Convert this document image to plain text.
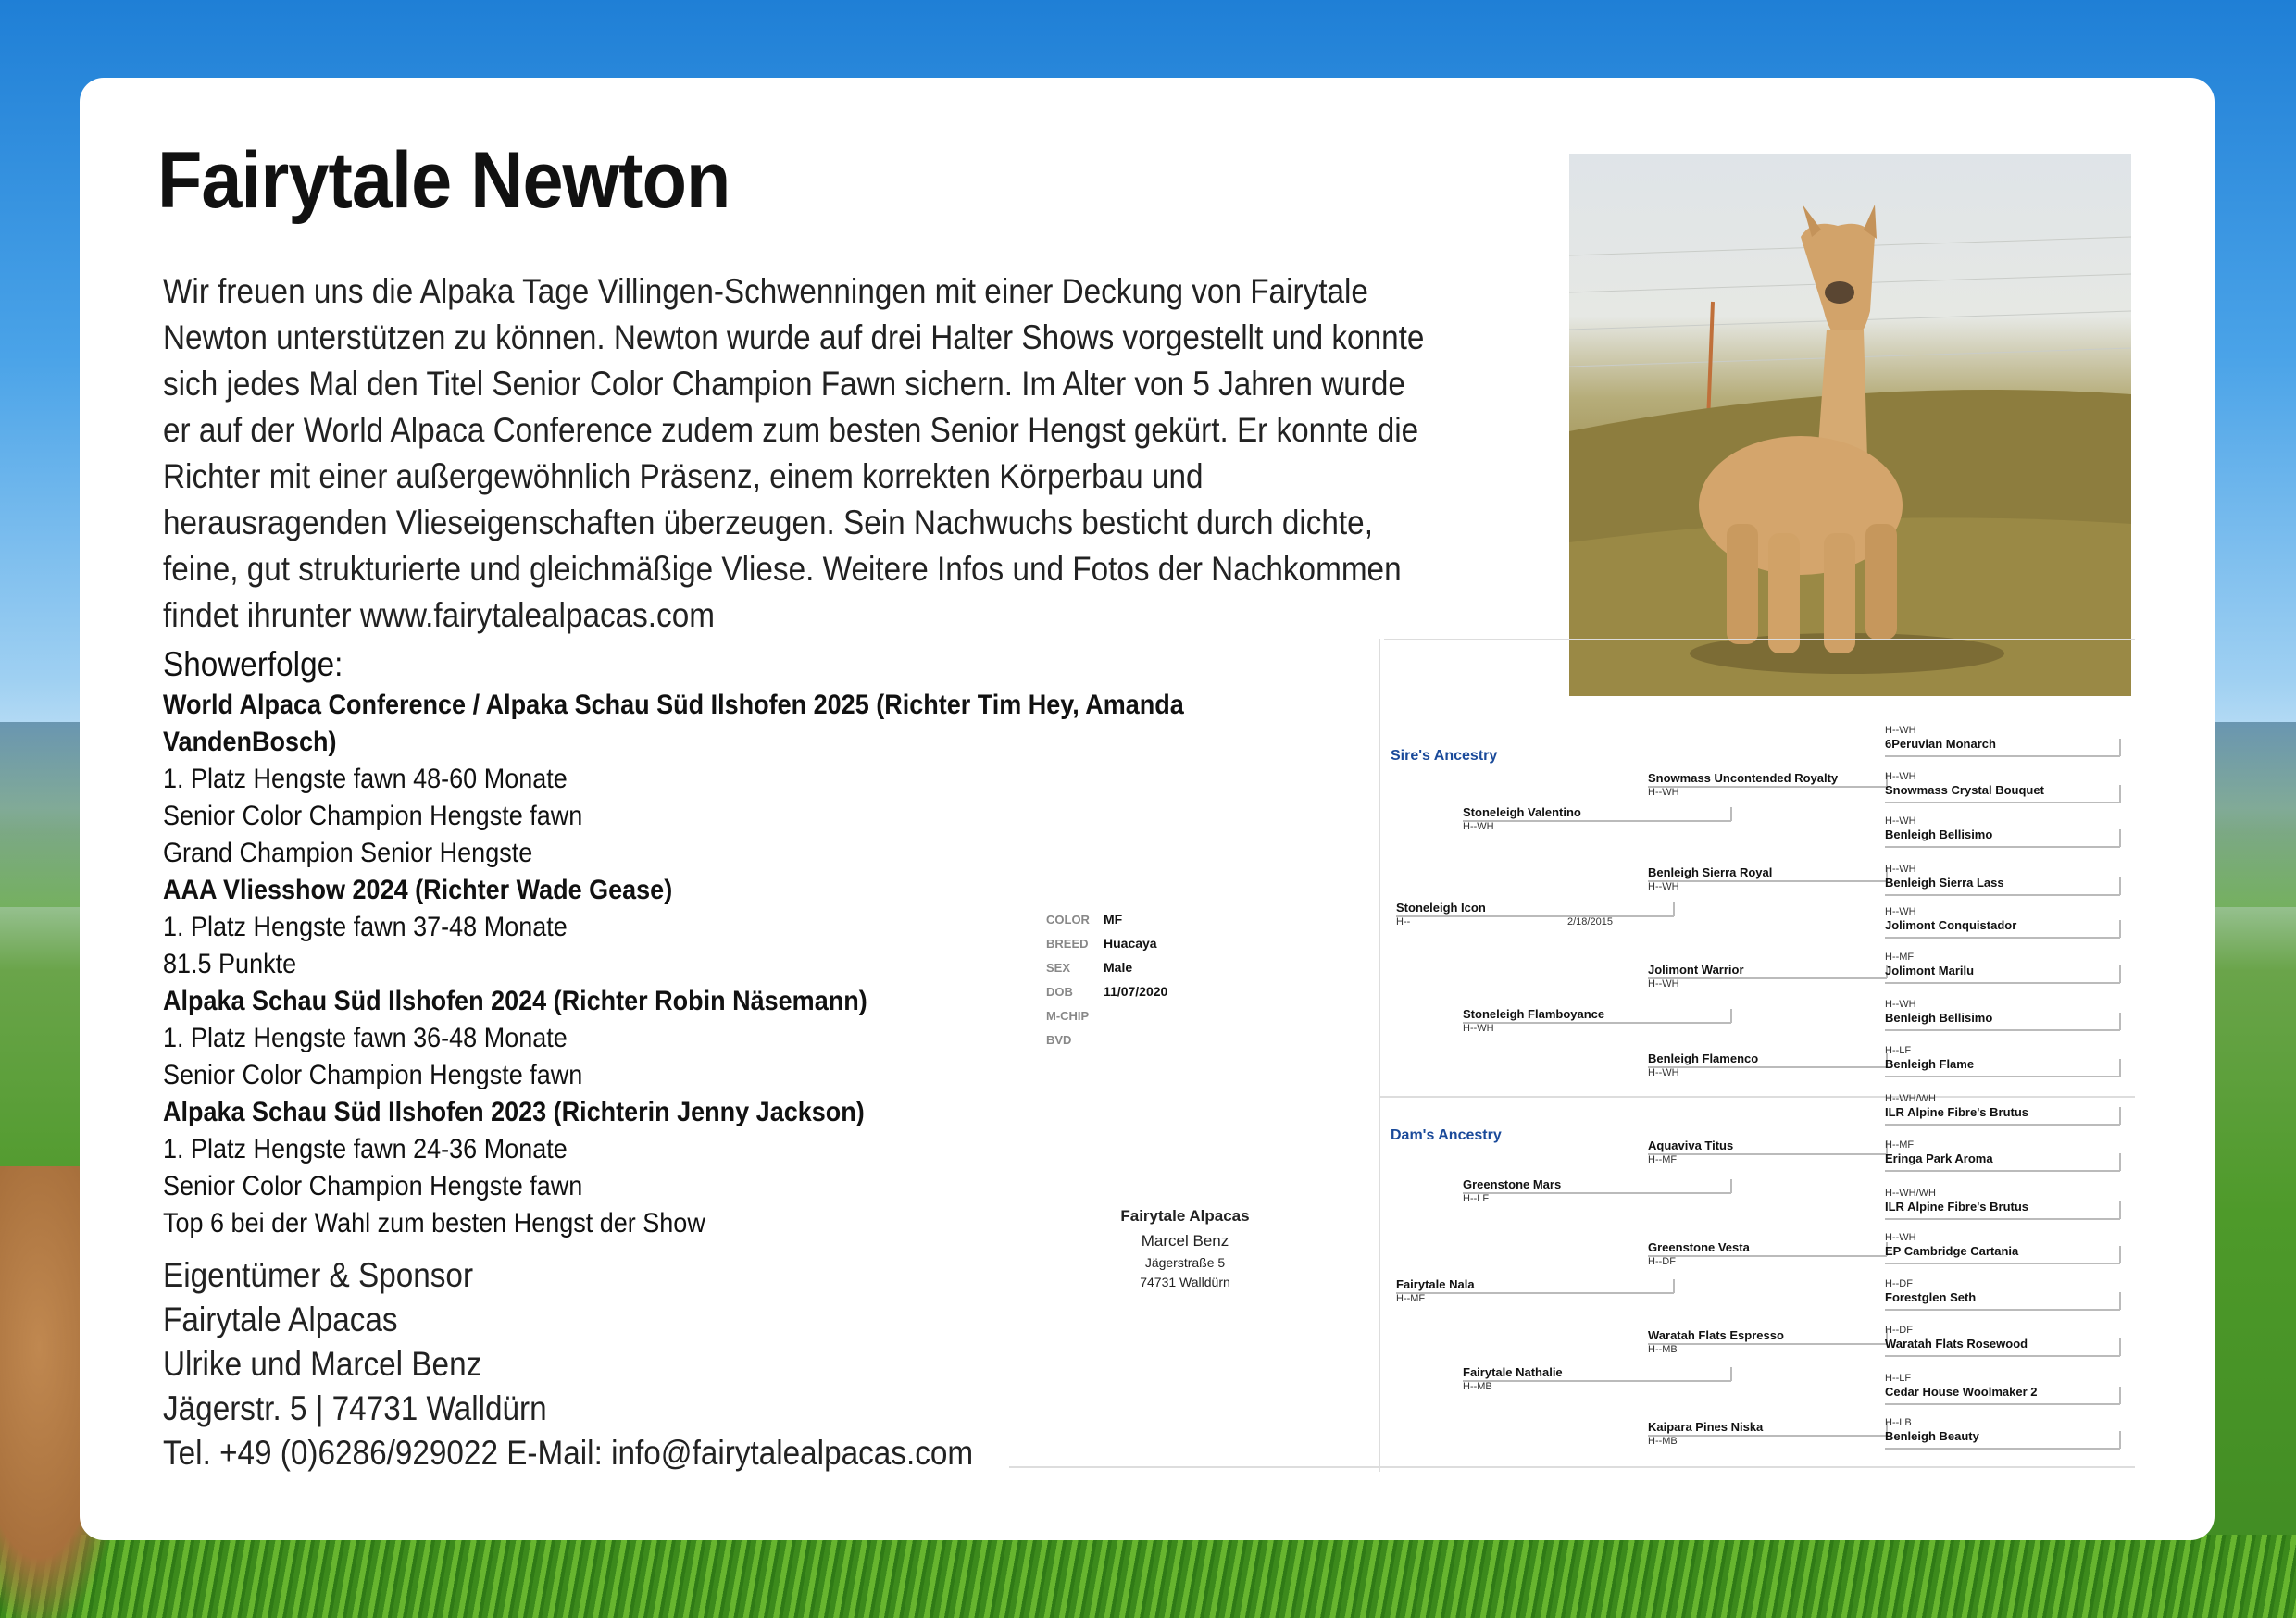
Fairytale Newton

Wir freuen uns die Alpaka Tage Villingen-Schwenningen mit einer Deckung von Fairytale Newton unterstützen zu können. Newton wurde auf drei Halter Shows vorgestellt und konnte sich jedes Mal den Titel Senior Color Champion Fawn sichern. Im Alter von 5 Jahren wurde er auf der World Alpaca Conference zudem zum besten Senior Hengst gekürt. Er konnte die Richter mit einer außergewöhnlich Präsenz, einem korrekten Körperbau und herausragenden Vlieseigenschaften überzeugen. Sein Nachwuchs besticht durch dichte, feine, gut strukturierte und gleichmäßige Vliese. Weitere Infos und Fotos der Nachkommen findet ihrunter www.fairytalealpacas.com

Showerfolge:
World Alpaca Conference / Alpaka Schau Süd Ilshofen 2025 (Richter Tim Hey, Amanda VandenBosch)
1. Platz Hengste fawn 48-60 Monate
Senior Color Champion Hengste fawn
Grand Champion Senior Hengste
AAA Vliesshow 2024 (Richter Wade Gease)
1. Platz Hengste fawn 37-48 Monate
81.5 Punkte
Alpaka Schau Süd Ilshofen 2024 (Richter Robin Näsemann)
1. Platz Hengste fawn 36-48 Monate
Senior Color Champion Hengste fawn
Alpaka Schau Süd Ilshofen 2023 (Richterin Jenny Jackson)
1. Platz Hengste fawn 24-36 Monate
Senior Color Champion Hengste fawn
Top 6 bei der Wahl zum besten Hengst der Show
Eigentümer & Sponsor
Fairytale Alpacas
Ulrike und Marcel Benz
Jägerstr. 5 | 74731 Walldürn
Tel. +49 (0)6286/929022 E-Mail: info@fairytalealpacas.com
COLOR	MF
BREED	Huacaya
SEX	Male
DOB	11/07/2020
M-CHIP
BVD
Fairytale Alpacas
Marcel Benz
Jägerstraße 5
74731 Walldürn
Sire's Ancestry
Dam's Ancestry
Stoneleigh Icon
H--	2/18/2015
Fairytale Nala
H--MF
Stoneleigh Valentino
H--WH
Stoneleigh Flamboyance
H--WH
Greenstone Mars
H--LF
Fairytale Nathalie
H--MB
Snowmass Uncontended Royalty
H--WH
Benleigh Sierra Royal
H--WH
Jolimont Warrior
H--WH
Benleigh Flamenco
H--WH
Aquaviva Titus
H--MF
Greenstone Vesta
H--DF
Waratah Flats Espresso
H--MB
Kaipara Pines Niska
H--MB
H--WH
6Peruvian Monarch
H--WH
Snowmass Crystal Bouquet
H--WH
Benleigh Bellisimo
H--WH
Benleigh Sierra Lass
H--WH
Jolimont Conquistador
H--MF
Jolimont Marilu
H--WH
Benleigh Bellisimo
H--LF
Benleigh Flame
H--WH/WH
ILR Alpine Fibre's Brutus
H--MF
Eringa Park Aroma
H--WH/WH
ILR Alpine Fibre's Brutus
H--WH
EP Cambridge Cartania
H--DF
Forestglen Seth
H--DF
Waratah Flats Rosewood
H--LF
Cedar House Woolmaker 2
H--LB
Benleigh Beauty
